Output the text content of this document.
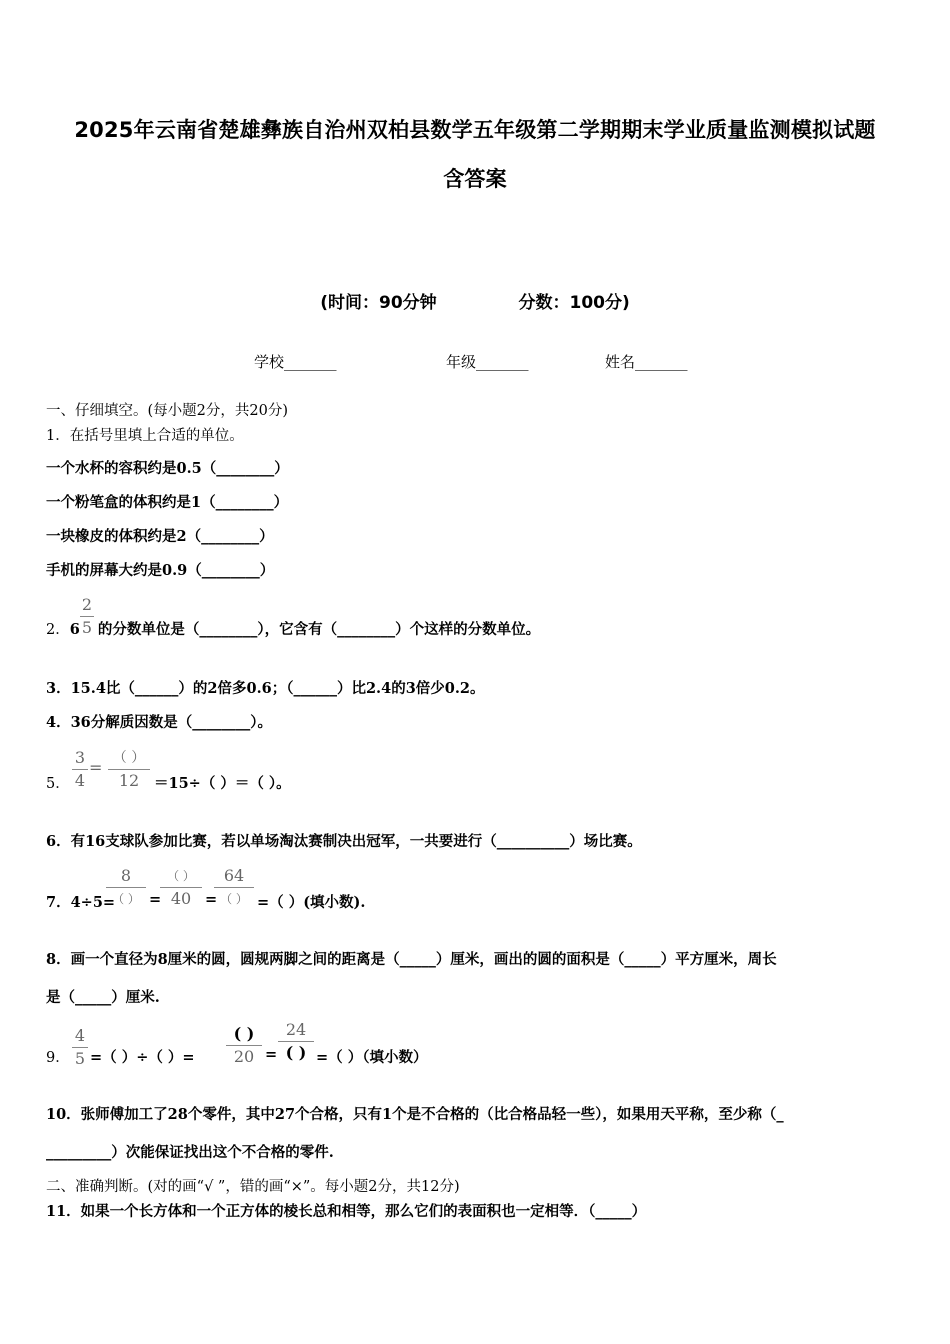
2025年云南省楚雄彝族自治州双柏县数学五年级第二学期期末学业质量监测模拟试题
含答案
(时间：90分钟	分数：100分)
学校_______	年级_______	姓名_______
一、仔细填空。(每小题2分，共20分)
1．在括号里填上合适的单位。
一个水杯的容积约是0.5（________）
一个粉笔盒的体积约是1（________）
一块橡皮的体积约是2（________）
手机的屏幕大约是0.9（________）
2．6 的分数单位是（________），它含有（________）个这样的分数单位。
2
5
3．15.4比（______）的2倍多0.6；（______）比2.4的3倍少0.2。
4．36分解质因数是（________）。
5．
3
4
= （ ）
12	＝15÷（ ）＝（ ）。
6．有16支球队参加比赛，若以单场淘汰赛制决出冠军，一共要进行（__________）场比赛。
7．4÷5=
8
（ ） =
（ ）
40 =
64
（ ） =（ ）(填小数).
8．画一个直径为8厘米的圆，圆规两脚之间的距离是（_____）厘米，画出的圆的面积是（_____）平方厘米，周长
是（_____）厘米.
9．
4
5 =（ ）÷（ ）=
( )
20 =
24
( ) =（ ）（填小数）
10．张师傅加工了28个零件，其中27个合格，只有1个是不合格的（比合格品轻一些），如果用天平称，至少称（_
_________）次能保证找出这个不合格的零件.
二、准确判断。(对的画“√ ”，错的画“×”。每小题2分，共12分)
11．如果一个长方体和一个正方体的棱长总和相等，那么它们的表面积也一定相等．（_____）
